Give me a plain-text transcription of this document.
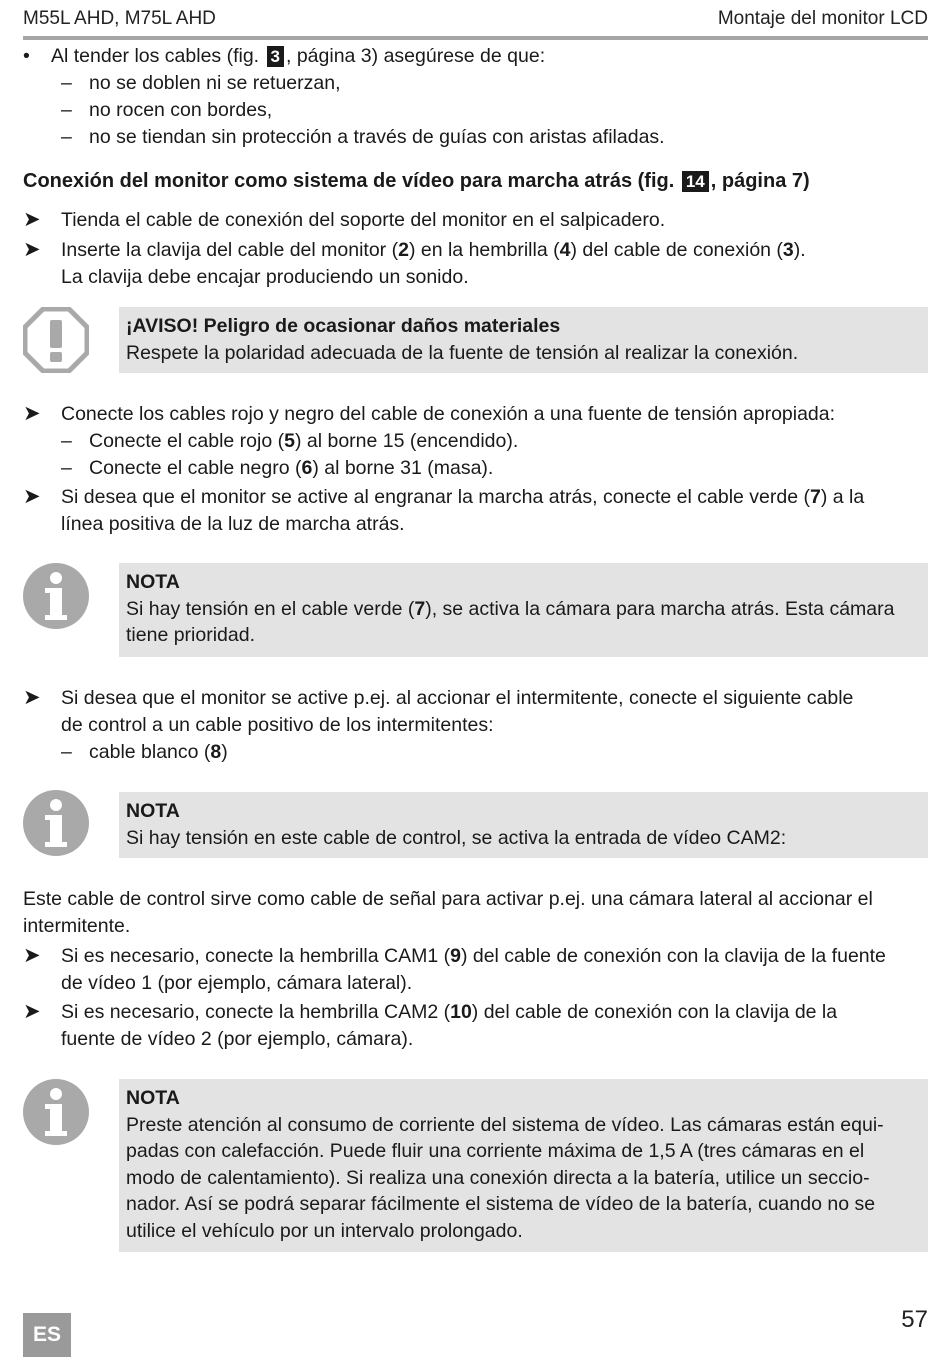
M55L AHD, M75L AHD	Montaje del monitor LCD
• Al tender los cables (fig. 3 , página 3) asegúrese de que:
– no se doblen ni se retuerzan,
– no rocen con bordes,
– no se tiendan sin protección a través de guías con aristas afiladas.
Conexión del monitor como sistema de vídeo para marcha atrás (fig. 14 , página 7)
➤ Tienda el cable de conexión del soporte del monitor en el salpicadero.
➤ Inserte la clavija del cable del monitor (2) en la hembrilla (4) del cable de conexión (3).
La clavija debe encajar produciendo un sonido.
¡AVISO! Peligro de ocasionar daños materiales
Respete la polaridad adecuada de la fuente de tensión al realizar la conexión.
➤ Conecte los cables rojo y negro del cable de conexión a una fuente de tensión apropiada:
– Conecte el cable rojo (5) al borne 15 (encendido).
– Conecte el cable negro (6) al borne 31 (masa).
➤ Si desea que el monitor se active al engranar la marcha atrás, conecte el cable verde (7) a la
línea positiva de la luz de marcha atrás.
NOTA
Si hay tensión en el cable verde (7), se activa la cámara para marcha atrás. Esta cámara
tiene prioridad.
➤ Si desea que el monitor se active p.ej. al accionar el intermitente, conecte el siguiente cable
de control a un cable positivo de los intermitentes:
– cable blanco (8)
NOTA
Si hay tensión en este cable de control, se activa la entrada de vídeo CAM2:
Este cable de control sirve como cable de señal para activar p.ej. una cámara lateral al accionar el
intermitente.
➤ Si es necesario, conecte la hembrilla CAM1 (9) del cable de conexión con la clavija de la fuente
de vídeo 1 (por ejemplo, cámara lateral).
➤ Si es necesario, conecte la hembrilla CAM2 (10) del cable de conexión con la clavija de la
fuente de vídeo 2 (por ejemplo, cámara).
NOTA
Preste atención al consumo de corriente del sistema de vídeo. Las cámaras están equi-
padas con calefacción. Puede fluir una corriente máxima de 1,5 A (tres cámaras en el
modo de calentamiento). Si realiza una conexión directa a la batería, utilice un seccio-
nador. Así se podrá separar fácilmente el sistema de vídeo de la batería, cuando no se
utilice el vehículo por un intervalo prolongado.
ES
57
